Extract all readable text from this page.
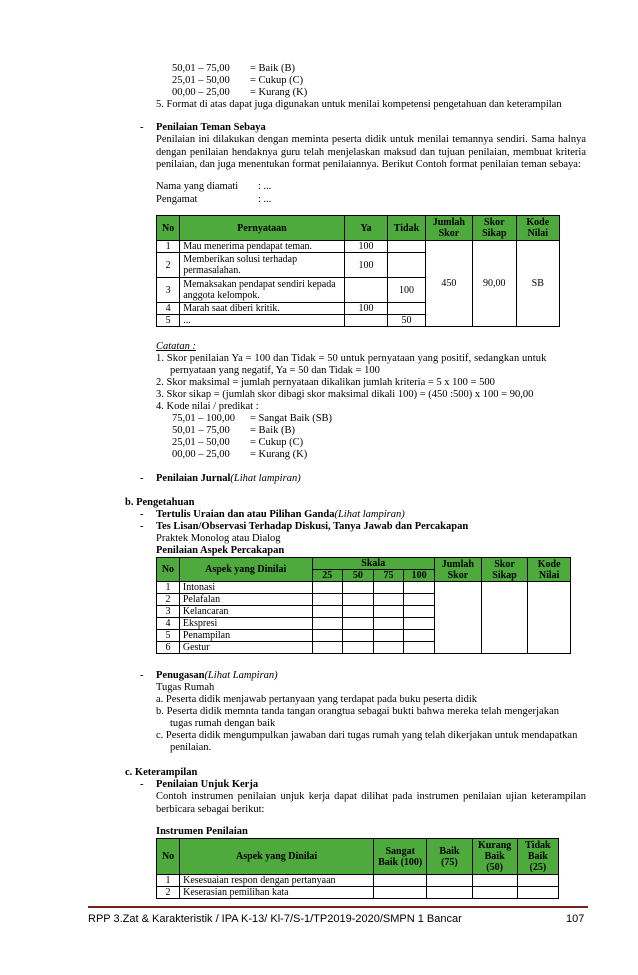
50,01 – 75,00 = Baik (B)
25,01 – 50,00 = Cukup (C)
00,00 – 25,00 = Kurang (K)
5. Format di atas dapat juga digunakan untuk menilai kompetensi pengetahuan dan keterampilan
- Penilaian Teman Sebaya
Penilaian ini dilakukan dengan meminta peserta didik untuk menilai temannya sendiri. Sama halnya dengan penilaian hendaknya guru telah menjelaskan maksud dan tujuan penilaian, membuat kriteria penilaian, dan juga menentukan format penilaiannya. Berikut Contoh format penilaian teman sebaya:
Nama yang diamati : ...
Pengamat	: ...
No	Pernyataan	Ya	Tidak	Jumlah Skor	Skor Sikap	Kode Nilai
1	Mau menerima pendapat teman.	100		450	90,00	SB
2	Memberikan solusi terhadap permasalahan.	100				
3	Memaksakan pendapat sendiri kepada anggota kelompok.		100			
4	Marah saat diberi kritik.	100				
5	...		50			
Catatan :
1. Skor penilaian Ya = 100 dan Tidak = 50 untuk pernyataan yang positif, sedangkan untuk
pernyataan yang negatif, Ya = 50 dan Tidak = 100
2. Skor maksimal = jumlah pernyataan dikalikan jumlah kriteria = 5 x 100 = 500
3. Skor sikap = (jumlah skor dibagi skor maksimal dikali 100) = (450 :500) x 100 = 90,00
4. Kode nilai / predikat :
75,01 – 100,00 = Sangat Baik (SB)
50,01 – 75,00 = Baik (B)
25,01 – 50,00 = Cukup (C)
00,00 – 25,00 = Kurang (K)
- Penilaian Jurnal(Lihat lampiran)
b. Pengetahuan
- Tertulis Uraian dan atau Pilihan Ganda(Lihat lampiran)
- Tes Lisan/Observasi Terhadap Diskusi, Tanya Jawab dan Percakapan
Praktek Monolog atau Dialog
Penilaian Aspek Percakapan
No	Aspek yang Dinilai	Skala				Jumlah Skor	Skor Sikap	Kode Nilai
		25	50	75	100			
1	Intonasi							
2	Pelafalan							
3	Kelancaran							
4	Ekspresi							
5	Penampilan							
6	Gestur							
- Penugasan(Lihat Lampiran)
Tugas Rumah
a. Peserta didik menjawab pertanyaan yang terdapat pada buku peserta didik
b. Peserta didik memnta tanda tangan orangtua sebagai bukti bahwa mereka telah mengerjakan
tugas rumah dengan baik
c. Peserta didik mengumpulkan jawaban dari tugas rumah yang telah dikerjakan untuk mendapatkan
penilaian.
c. Keterampilan
- Penilaian Unjuk Kerja
Contoh instrumen penilaian unjuk kerja dapat dilihat pada instrumen penilaian ujian keterampilan berbicara sebagai berikut:
Instrumen Penilaian
No	Aspek yang Dinilai	Sangat Baik (100)	Baik (75)	Kurang Baik (50)	Tidak Baik (25)
1	Kesesuaian respon dengan pertanyaan				
2	Keserasian pemilihan kata				
RPP 3.Zat & Karakteristik / IPA K-13/ Kl-7/S-1/TP2019-2020/SMPN 1 Bancar	107
